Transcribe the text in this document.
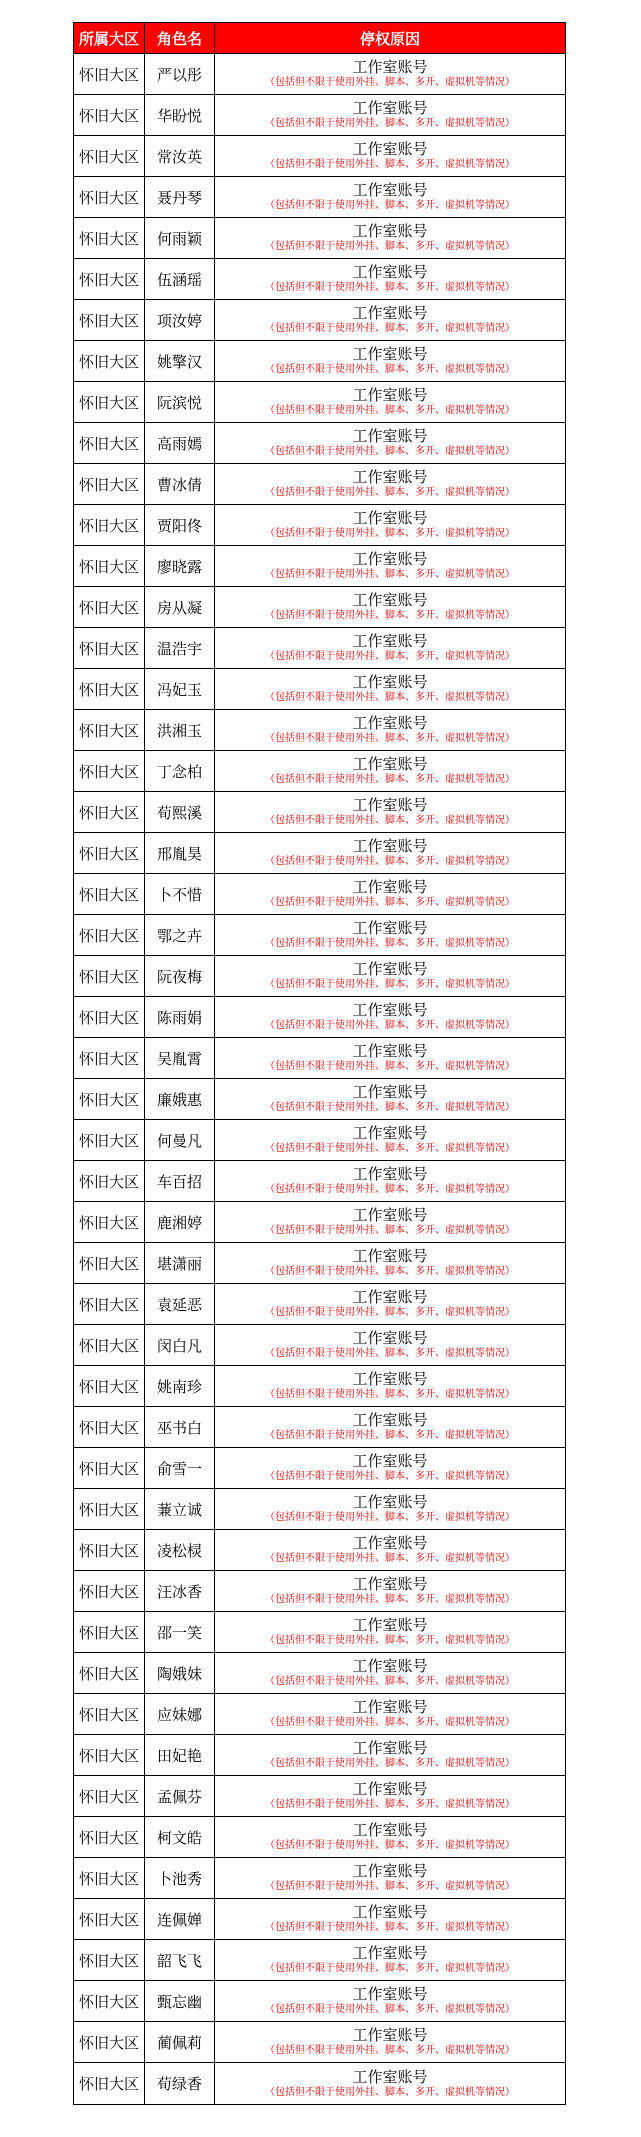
所属大区	角色名	停权原因
怀旧大区	严以彤	工作室账号
（包括但不限于使用外挂、脚本、多开、虚拟机等情况）

怀旧大区	华盼悦	工作室账号
（包括但不限于使用外挂、脚本、多开、虚拟机等情况）

怀旧大区	常汝英	工作室账号
（包括但不限于使用外挂、脚本、多开、虚拟机等情况）

怀旧大区	聂丹琴	工作室账号
（包括但不限于使用外挂、脚本、多开、虚拟机等情况）

怀旧大区	何雨颖	工作室账号
（包括但不限于使用外挂、脚本、多开、虚拟机等情况）

怀旧大区	伍涵瑶	工作室账号
（包括但不限于使用外挂、脚本、多开、虚拟机等情况）

怀旧大区	项汝婷	工作室账号
（包括但不限于使用外挂、脚本、多开、虚拟机等情况）

怀旧大区	姚擎汉	工作室账号
（包括但不限于使用外挂、脚本、多开、虚拟机等情况）

怀旧大区	阮滨悦	工作室账号
（包括但不限于使用外挂、脚本、多开、虚拟机等情况）

怀旧大区	高雨嫣	工作室账号
（包括但不限于使用外挂、脚本、多开、虚拟机等情况）

怀旧大区	曹冰倩	工作室账号
（包括但不限于使用外挂、脚本、多开、虚拟机等情况）

怀旧大区	贾阳佟	工作室账号
（包括但不限于使用外挂、脚本、多开、虚拟机等情况）

怀旧大区	廖晓露	工作室账号
（包括但不限于使用外挂、脚本、多开、虚拟机等情况）

怀旧大区	房从凝	工作室账号
（包括但不限于使用外挂、脚本、多开、虚拟机等情况）

怀旧大区	温浩宇	工作室账号
（包括但不限于使用外挂、脚本、多开、虚拟机等情况）

怀旧大区	冯妃玉	工作室账号
（包括但不限于使用外挂、脚本、多开、虚拟机等情况）

怀旧大区	洪湘玉	工作室账号
（包括但不限于使用外挂、脚本、多开、虚拟机等情况）

怀旧大区	丁念柏	工作室账号
（包括但不限于使用外挂、脚本、多开、虚拟机等情况）

怀旧大区	荀熙溪	工作室账号
（包括但不限于使用外挂、脚本、多开、虚拟机等情况）

怀旧大区	邢胤昊	工作室账号
（包括但不限于使用外挂、脚本、多开、虚拟机等情况）

怀旧大区	卜不惜	工作室账号
（包括但不限于使用外挂、脚本、多开、虚拟机等情况）

怀旧大区	鄂之卉	工作室账号
（包括但不限于使用外挂、脚本、多开、虚拟机等情况）

怀旧大区	阮夜梅	工作室账号
（包括但不限于使用外挂、脚本、多开、虚拟机等情况）

怀旧大区	陈雨娟	工作室账号
（包括但不限于使用外挂、脚本、多开、虚拟机等情况）

怀旧大区	吴胤霄	工作室账号
（包括但不限于使用外挂、脚本、多开、虚拟机等情况）

怀旧大区	廉娥惠	工作室账号
（包括但不限于使用外挂、脚本、多开、虚拟机等情况）

怀旧大区	何曼凡	工作室账号
（包括但不限于使用外挂、脚本、多开、虚拟机等情况）

怀旧大区	车百招	工作室账号
（包括但不限于使用外挂、脚本、多开、虚拟机等情况）

怀旧大区	鹿湘婷	工作室账号
（包括但不限于使用外挂、脚本、多开、虚拟机等情况）

怀旧大区	堪潇丽	工作室账号
（包括但不限于使用外挂、脚本、多开、虚拟机等情况）

怀旧大区	袁延恶	工作室账号
（包括但不限于使用外挂、脚本、多开、虚拟机等情况）

怀旧大区	闵白凡	工作室账号
（包括但不限于使用外挂、脚本、多开、虚拟机等情况）

怀旧大区	姚南珍	工作室账号
（包括但不限于使用外挂、脚本、多开、虚拟机等情况）

怀旧大区	巫书白	工作室账号
（包括但不限于使用外挂、脚本、多开、虚拟机等情况）

怀旧大区	俞雪一	工作室账号
（包括但不限于使用外挂、脚本、多开、虚拟机等情况）

怀旧大区	蒹立诚	工作室账号
（包括但不限于使用外挂、脚本、多开、虚拟机等情况）

怀旧大区	凌松棂	工作室账号
（包括但不限于使用外挂、脚本、多开、虚拟机等情况）

怀旧大区	汪冰香	工作室账号
（包括但不限于使用外挂、脚本、多开、虚拟机等情况）

怀旧大区	邵一笑	工作室账号
（包括但不限于使用外挂、脚本、多开、虚拟机等情况）

怀旧大区	陶娥妹	工作室账号
（包括但不限于使用外挂、脚本、多开、虚拟机等情况）

怀旧大区	应妹娜	工作室账号
（包括但不限于使用外挂、脚本、多开、虚拟机等情况）

怀旧大区	田妃艳	工作室账号
（包括但不限于使用外挂、脚本、多开、虚拟机等情况）

怀旧大区	孟佩芬	工作室账号
（包括但不限于使用外挂、脚本、多开、虚拟机等情况）

怀旧大区	柯文皓	工作室账号
（包括但不限于使用外挂、脚本、多开、虚拟机等情况）

怀旧大区	卜池秀	工作室账号
（包括但不限于使用外挂、脚本、多开、虚拟机等情况）

怀旧大区	连佩婵	工作室账号
（包括但不限于使用外挂、脚本、多开、虚拟机等情况）

怀旧大区	韶飞飞	工作室账号
（包括但不限于使用外挂、脚本、多开、虚拟机等情况）

怀旧大区	甄忘幽	工作室账号
（包括但不限于使用外挂、脚本、多开、虚拟机等情况）

怀旧大区	蔺佩莉	工作室账号
（包括但不限于使用外挂、脚本、多开、虚拟机等情况）

怀旧大区	荀绿香	工作室账号
（包括但不限于使用外挂、脚本、多开、虚拟机等情况）
